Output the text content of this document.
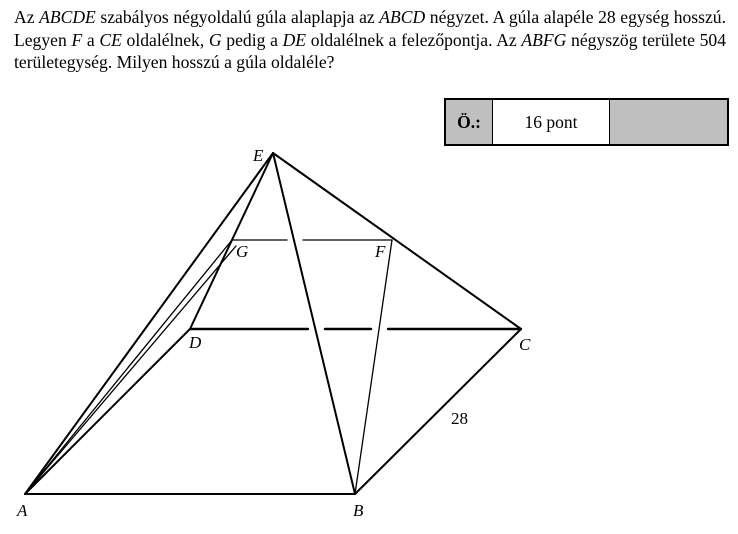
Az ABCDE szabályos négyoldalú gúla alaplapja az ABCD négyzet. A gúla alapéle 28 egység hosszú. Legyen F a CE oldalélnek, G pedig a DE oldalélnek a felezőpontja. Az ABFG négyszög területe 504 területegység. Milyen hosszú a gúla oldaléle?

Ö.:	16 pont	
E
G	F
D	C
A	B
28
